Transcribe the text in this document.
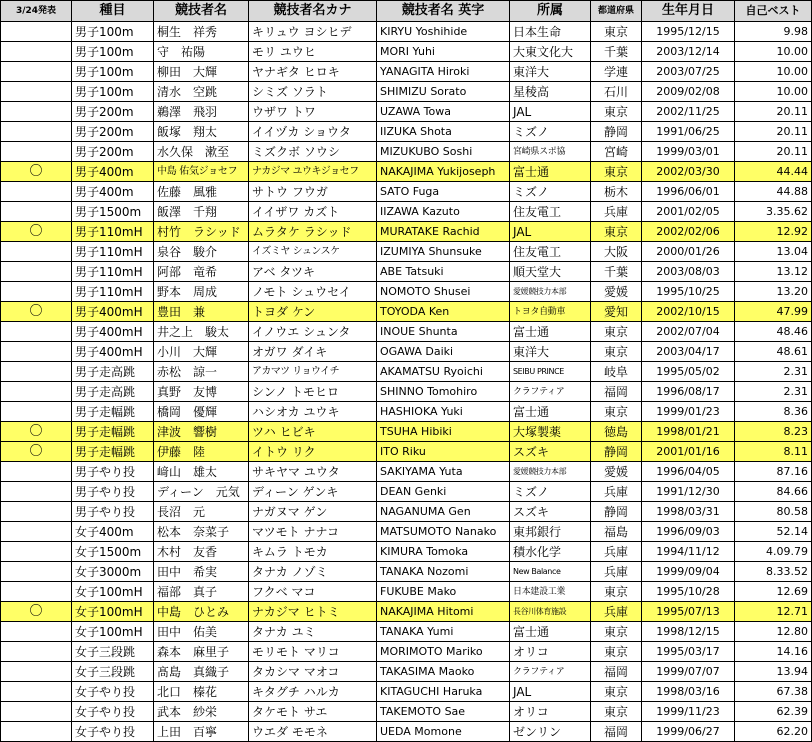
3/24発表	種目	競技者名	競技者名カナ	競技者名 英字	所属	都道府県	生年月日	自己ベスト
	男子100m	桐生　祥秀	キリュウ ヨシヒデ	KIRYU Yoshihide	日本生命	東京	1995/12/15	9.98
	男子100m	守　祐陽	モリ ユウヒ	MORI Yuhi	大東文化大	千葉	2003/12/14	10.00
	男子100m	柳田　大輝	ヤナギタ ヒロキ	YANAGITA Hiroki	東洋大	学連	2003/07/25	10.00
	男子100m	清水　空跳	シミズ ソラト	SHIMIZU Sorato	星稜高	石川	2009/02/08	10.00
	男子200m	鵜澤　飛羽	ウザワ トワ	UZAWA Towa	JAL	東京	2002/11/25	20.11
	男子200m	飯塚　翔太	イイヅカ ショウタ	IIZUKA Shota	ミズノ	静岡	1991/06/25	20.11
	男子200m	水久保　漱至	ミズクボ ソウシ	MIZUKUBO Soshi	宮崎県スポ協	宮崎	1999/03/01	20.11
〇	男子400m	中島 佑気ジョセフ	ナカジマ ユウキジョセフ	NAKAJIMA Yukijoseph	富士通	東京	2002/03/30	44.44
	男子400m	佐藤　風雅	サトウ フウガ	SATO Fuga	ミズノ	栃木	1996/06/01	44.88
	男子1500m	飯澤　千翔	イイザワ カズト	IIZAWA Kazuto	住友電工	兵庫	2001/02/05	3.35.62
〇	男子110mH	村竹　ラシッド	ムラタケ ラシッド	MURATAKE Rachid	JAL	東京	2002/02/06	12.92
	男子110mH	泉谷　駿介	イズミヤ シュンスケ	IZUMIYA Shunsuke	住友電工	大阪	2000/01/26	13.04
	男子110mH	阿部　竜希	アベ タツキ	ABE Tatsuki	順天堂大	千葉	2003/08/03	13.12
	男子110mH	野本　周成	ノモト シュウセイ	NOMOTO Shusei	愛媛競技力本部	愛媛	1995/10/25	13.20
〇	男子400mH	豊田　兼	トヨダ ケン	TOYODA Ken	トヨタ自動車	愛知	2002/10/15	47.99
	男子400mH	井之上　駿太	イノウエ シュンタ	INOUE Shunta	富士通	東京	2002/07/04	48.46
	男子400mH	小川　大輝	オガワ ダイキ	OGAWA Daiki	東洋大	東京	2003/04/17	48.61
	男子走高跳	赤松　諒一	アカマツ リョウイチ	AKAMATSU Ryoichi	SEIBU PRINCE	岐阜	1995/05/02	2.31
	男子走高跳	真野　友博	シンノ トモヒロ	SHINNO Tomohiro	クラフティア	福岡	1996/08/17	2.31
	男子走幅跳	橋岡　優輝	ハシオカ ユウキ	HASHIOKA Yuki	富士通	東京	1999/01/23	8.36
〇	男子走幅跳	津波　響樹	ツハ ヒビキ	TSUHA Hibiki	大塚製薬	徳島	1998/01/21	8.23
〇	男子走幅跳	伊藤　陸	イトウ リク	ITO Riku	スズキ	静岡	2001/01/16	8.11
	男子やり投	﨑山　雄太	サキヤマ ユウタ	SAKIYAMA Yuta	愛媛競技力本部	愛媛	1996/04/05	87.16
	男子やり投	ディーン　元気	ディーン ゲンキ	DEAN Genki	ミズノ	兵庫	1991/12/30	84.66
	男子やり投	長沼　元	ナガヌマ ゲン	NAGANUMA Gen	スズキ	静岡	1998/03/31	80.58
	女子400m	松本　奈菜子	マツモト ナナコ	MATSUMOTO Nanako	東邦銀行	福島	1996/09/03	52.14
	女子1500m	木村　友香	キムラ トモカ	KIMURA Tomoka	積水化学	兵庫	1994/11/12	4.09.79
	女子3000m	田中　希実	タナカ ノゾミ	TANAKA Nozomi	New Balance	兵庫	1999/09/04	8.33.52
	女子100mH	福部　真子	フクベ マコ	FUKUBE Mako	日本建設工業	東京	1995/10/28	12.69
〇	女子100mH	中島　ひとみ	ナカジマ ヒトミ	NAKAJIMA Hitomi	長谷川体育施設	兵庫	1995/07/13	12.71
	女子100mH	田中　佑美	タナカ ユミ	TANAKA Yumi	富士通	東京	1998/12/15	12.80
	女子三段跳	森本　麻里子	モリモト マリコ	MORIMOTO Mariko	オリコ	東京	1995/03/17	14.16
	女子三段跳	髙島　真織子	タカシマ マオコ	TAKASIMA Maoko	クラフティア	福岡	1999/07/07	13.94
	女子やり投	北口　榛花	キタグチ ハルカ	KITAGUCHI Haruka	JAL	東京	1998/03/16	67.38
	女子やり投	武本　紗栄	タケモト サエ	TAKEMOTO Sae	オリコ	東京	1999/11/23	62.39
	女子やり投	上田　百寧	ウエダ モモネ	UEDA Momone	ゼンリン	福岡	1999/06/27	62.20
